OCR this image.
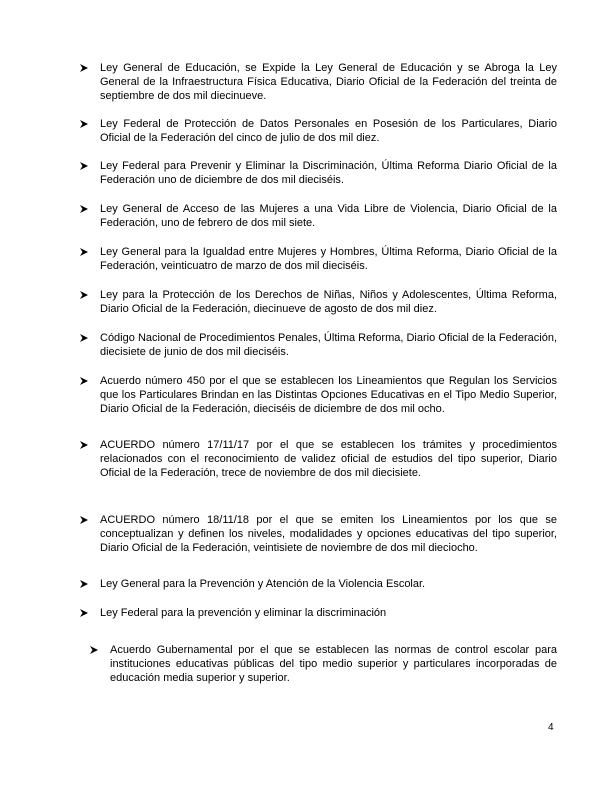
Ley General de Educación, se Expide la Ley General de Educación y se Abroga la Ley General de la Infraestructura Física Educativa, Diario Oficial de la Federación del treinta de septiembre de dos mil diecinueve.
Ley Federal de Protección de Datos Personales en Posesión de los Particulares, Diario Oficial de la Federación del cinco de julio de dos mil diez.
Ley Federal para Prevenir y Eliminar la Discriminación, Última Reforma Diario Oficial de la Federación uno de diciembre de dos mil dieciséis.
Ley General de Acceso de las Mujeres a una Vida Libre de Violencia, Diario Oficial de la Federación, uno de febrero de dos mil siete.
Ley General para la Igualdad entre Mujeres y Hombres, Última Reforma, Diario Oficial de la Federación, veinticuatro de marzo de dos mil dieciséis.
Ley para la Protección de los Derechos de Niñas, Niños y Adolescentes, Última Reforma, Diario Oficial de la Federación, diecinueve de agosto de dos mil diez.
Código Nacional de Procedimientos Penales, Última Reforma, Diario Oficial de la Federación, diecisiete de junio de dos mil dieciséis.
Acuerdo número 450 por el que se establecen los Lineamientos que Regulan los Servicios que los Particulares Brindan en las Distintas Opciones Educativas en el Tipo Medio Superior, Diario Oficial de la Federación, dieciséis de diciembre de dos mil ocho.
ACUERDO número 17/11/17 por el que se establecen los trámites y procedimientos relacionados con el reconocimiento de validez oficial de estudios del tipo superior, Diario Oficial de la Federación, trece de noviembre de dos mil diecisiete.
ACUERDO número 18/11/18 por el que se emiten los Lineamientos por los que se conceptualizan y definen los niveles, modalidades y opciones educativas del tipo superior, Diario Oficial de la Federación, veintisiete de noviembre de dos mil dieciocho.
Ley General para la Prevención y Atención de la Violencia Escolar.
Ley Federal para la prevención y eliminar la discriminación
Acuerdo Gubernamental por el que se establecen las normas de control escolar para instituciones educativas públicas del tipo medio superior y particulares incorporadas de educación media superior y superior.
4
